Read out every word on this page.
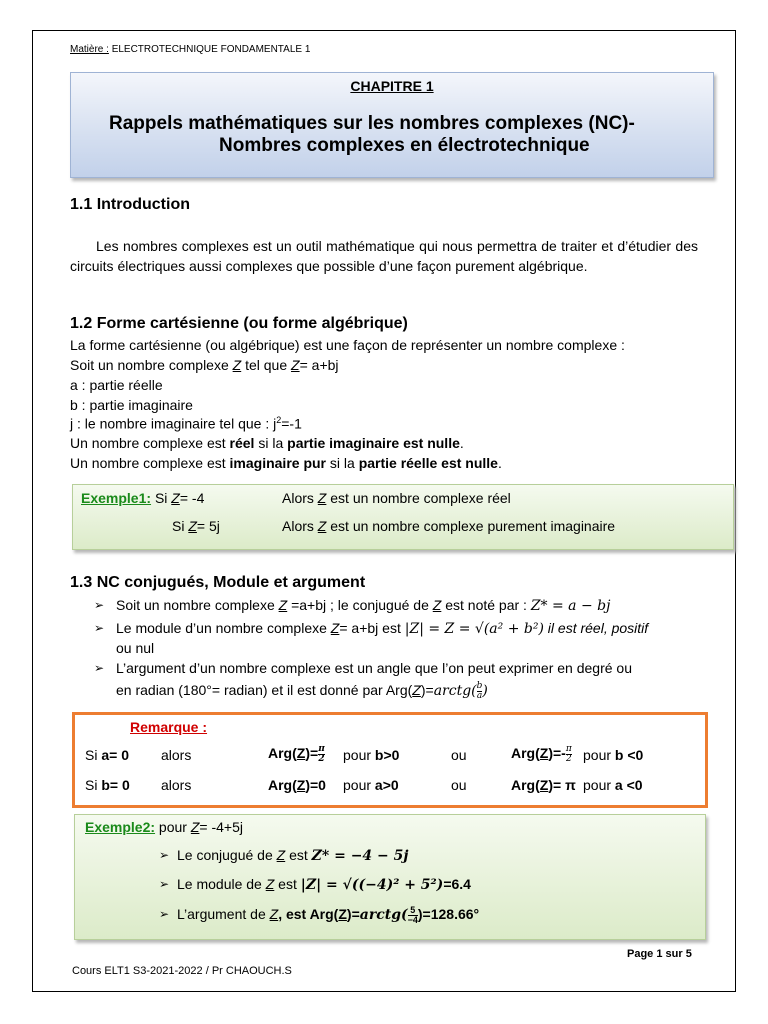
Matière : ELECTROTECHNIQUE FONDAMENTALE 1
CHAPITRE 1
Rappels mathématiques sur les nombres complexes (NC)-
Nombres complexes en électrotechnique
1.1 Introduction
Les nombres complexes est un outil mathématique qui nous permettra de traiter et d’étudier des circuits électriques aussi complexes que possible d’une façon purement algébrique.
1.2 Forme cartésienne (ou forme algébrique)
La forme cartésienne (ou algébrique) est une façon de représenter un nombre complexe :
Soit un nombre complexe Z tel que Z= a+bj
a : partie réelle
b : partie imaginaire
j : le nombre imaginaire tel que : $j^2=-1$
Un nombre complexe est réel si la partie imaginaire est nulle.
Un nombre complexe est imaginaire pur si la partie réelle est nulle.
Exemple1: Si Z= -4	Alors Z est un nombre complexe réel
Si Z= 5j	Alors Z est un nombre complexe purement imaginaire
1.3 NC conjugués, Module et argument
➢ Soit un nombre complexe Z =a+bj ; le conjugué de Z est noté par : Z* = a − bj
➢ Le module d’un nombre complexe Z= a+bj est |Z| = Z = √(a² + b²) il est réel, positif
ou nul
➢ L’argument d’un nombre complexe est un angle que l’on peut exprimer en degré ou
en radian (180°= radian) et il est donné par Arg(Z)=arctg( $\frac{b}{a}$ )
Remarque :
Si a= 0 alors	$Arg(Z)= \frac{\pi}{2}$ pour b>0	ou	$Arg(Z)=- \frac{\pi}{2}$ pour b <0
Si b= 0 alors	Arg(Z)=0 pour a>0	ou	Arg(Z)= π pour a <0
Exemple2: pour Z= -4+5j
➢ Le conjugué de Z est Z* = −4 − 5j
➢ Le module de Z est |Z| = √((−4)² + 5²)=6.4
➢ L’argument de Z, est Arg(Z)=arctg( $\frac{5}{-4} )=128.66^\circ$
Page 1 sur 5
Cours ELT1 S3-2021-2022 / Pr CHAOUCH.S
